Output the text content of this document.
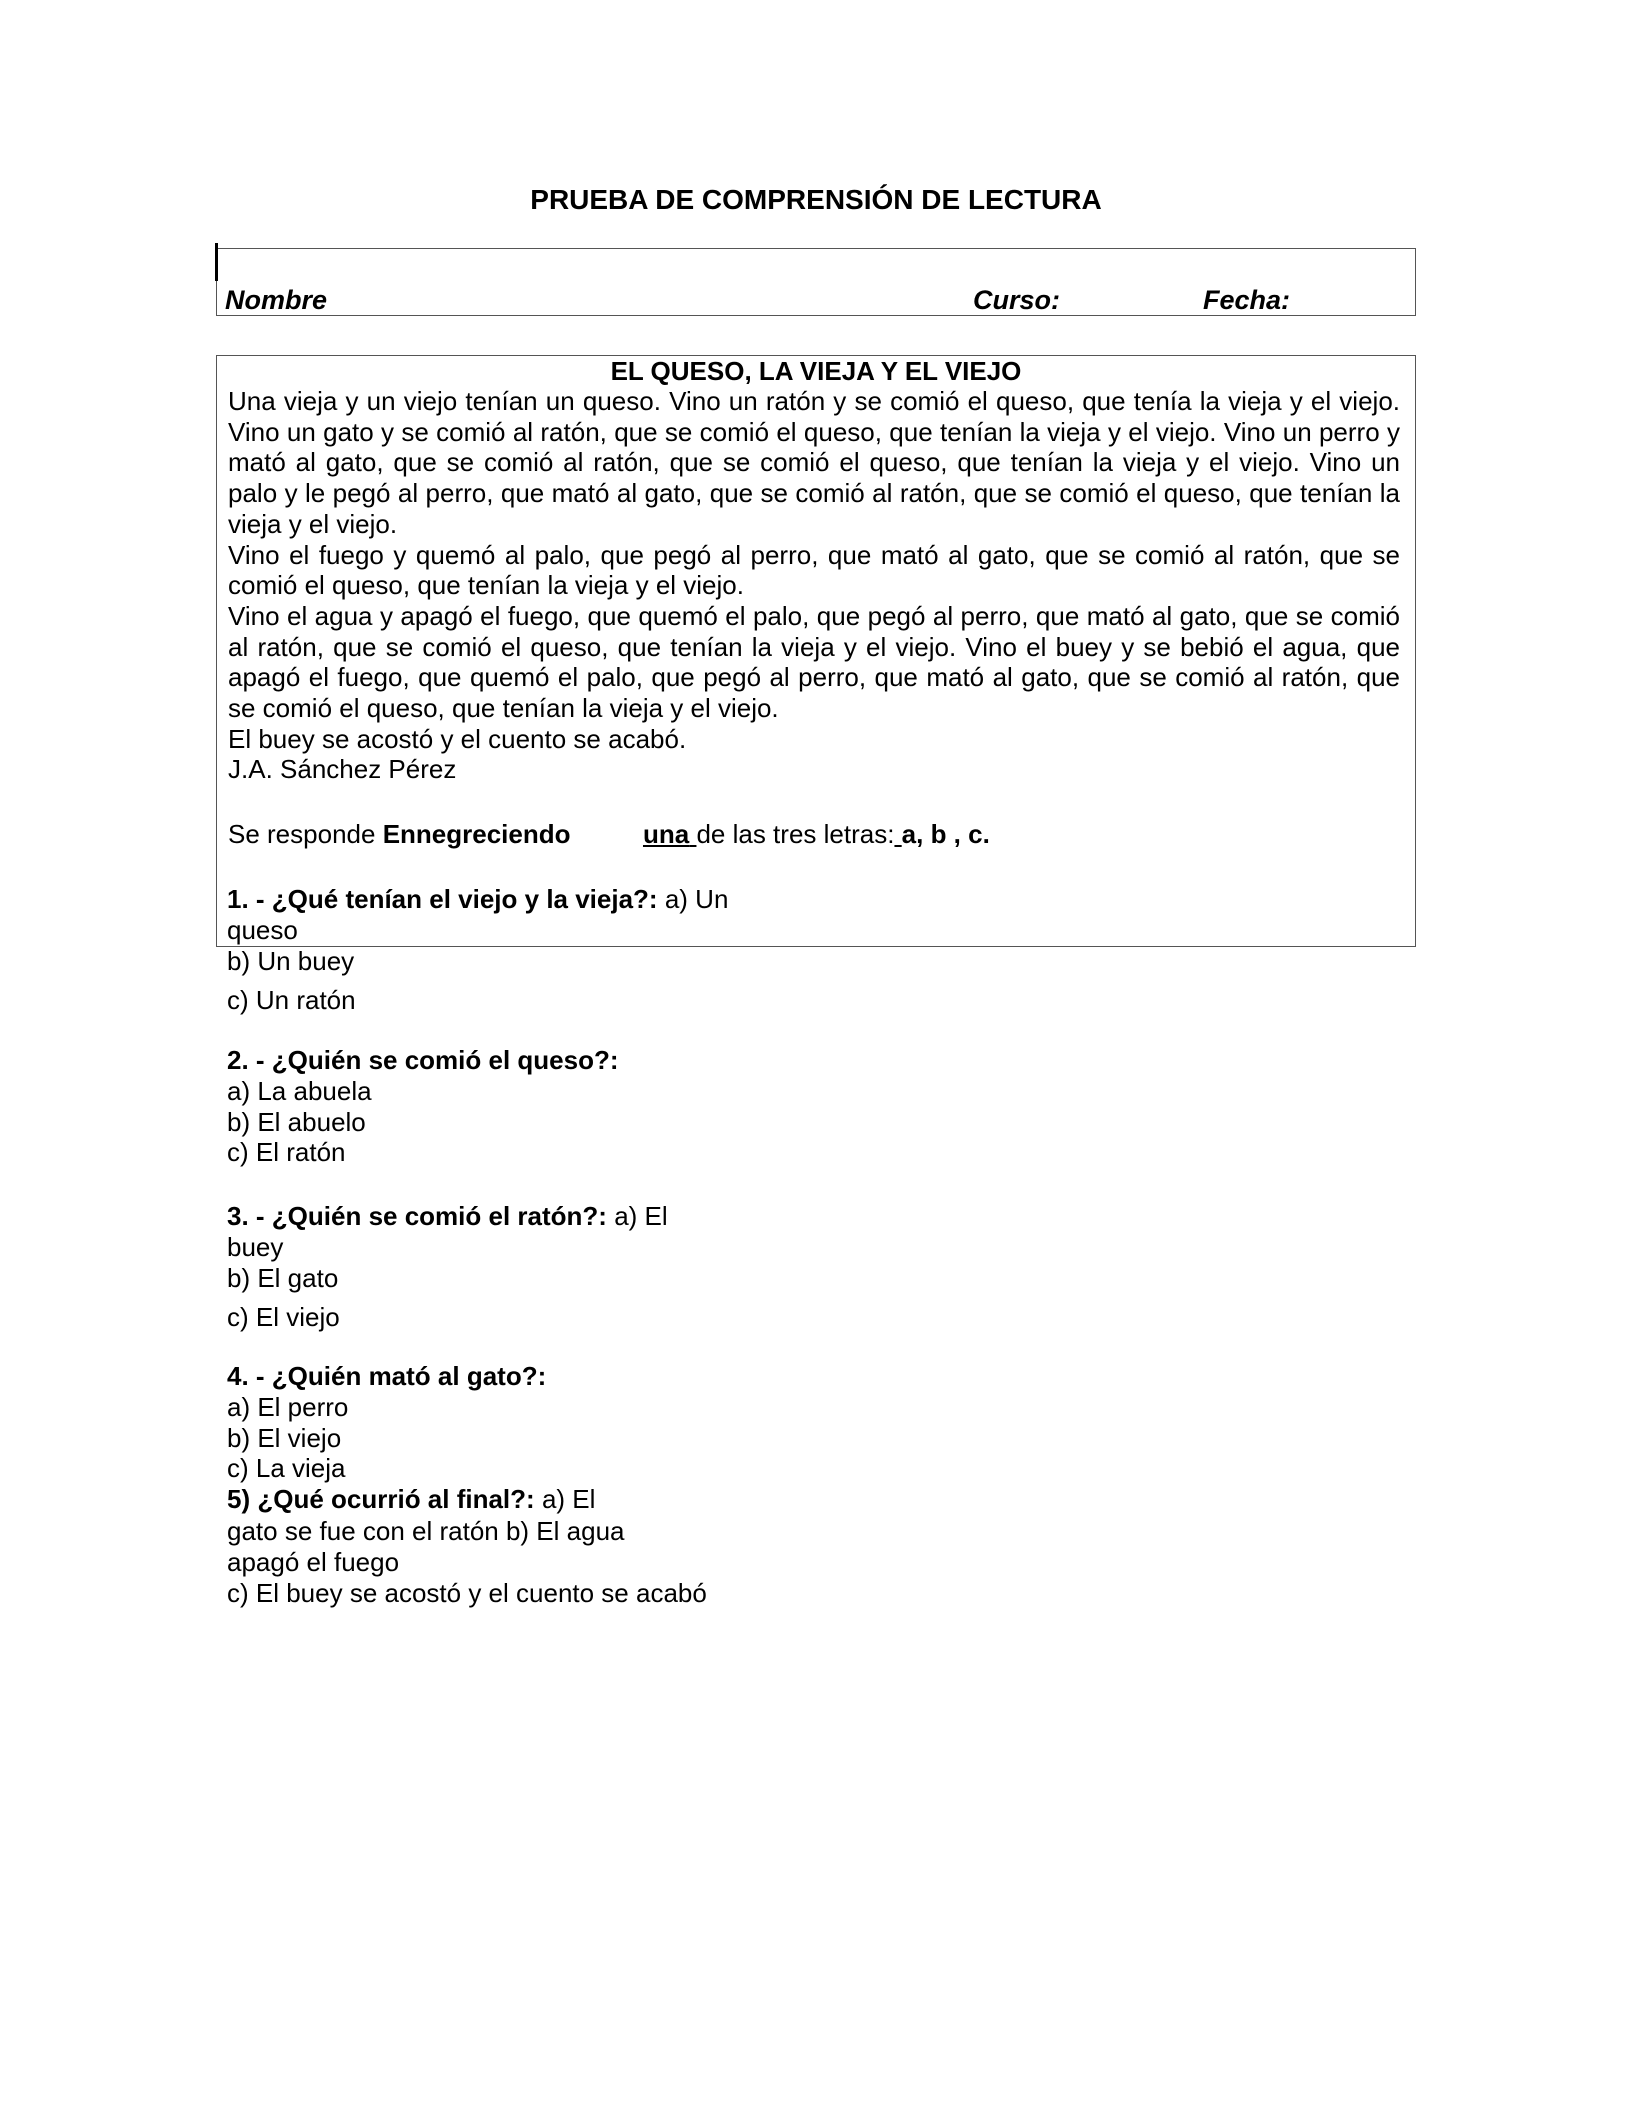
PRUEBA DE COMPRENSIÓN DE LECTURA
Nombre	Curso:	Fecha:
EL QUESO, LA VIEJA Y EL VIEJO

Una vieja y un viejo tenían un queso. Vino un ratón y se comió el queso, que tenía la vieja y el viejo. Vino un gato y se comió al ratón, que se comió el queso, que tenían la vieja y el viejo. Vino un perro y mató al gato, que se comió al ratón, que se comió el queso, que tenían la vieja y el viejo. Vino un palo y le pegó al perro, que mató al gato, que se comió al ratón, que se comió el queso, que tenían la vieja y el viejo.

Vino el fuego y quemó al palo, que pegó al perro, que mató al gato, que se comió al ratón, que se comió el queso, que tenían la vieja y el viejo.

Vino el agua y apagó el fuego, que quemó el palo, que pegó al perro, que mató al gato, que se comió al ratón, que se comió el queso, que tenían la vieja y el viejo. Vino el buey y se bebió el agua, que apagó el fuego, que quemó el palo, que pegó al perro, que mató al gato, que se comió al ratón, que se comió el queso, que tenían la vieja y el viejo.

El buey se acostó y el cuento se acabó.

J.A. Sánchez Pérez

Se responde Ennegreciendo	una de las tres letras: a, b , c.
1. - ¿Qué tenían el viejo y la vieja?: a) Un
queso
b) Un buey
c) Un ratón
2. - ¿Quién se comió el queso?:
a) La abuela
b) El abuelo
c) El ratón
3. - ¿Quién se comió el ratón?: a) El
buey
b) El gato
c) El viejo
4. - ¿Quién mató al gato?:
a) El perro
b) El viejo
c) La vieja
5) ¿Qué ocurrió al final?: a) El
gato se fue con el ratón b) El agua
apagó el fuego
c) El buey se acostó y el cuento se acabó
